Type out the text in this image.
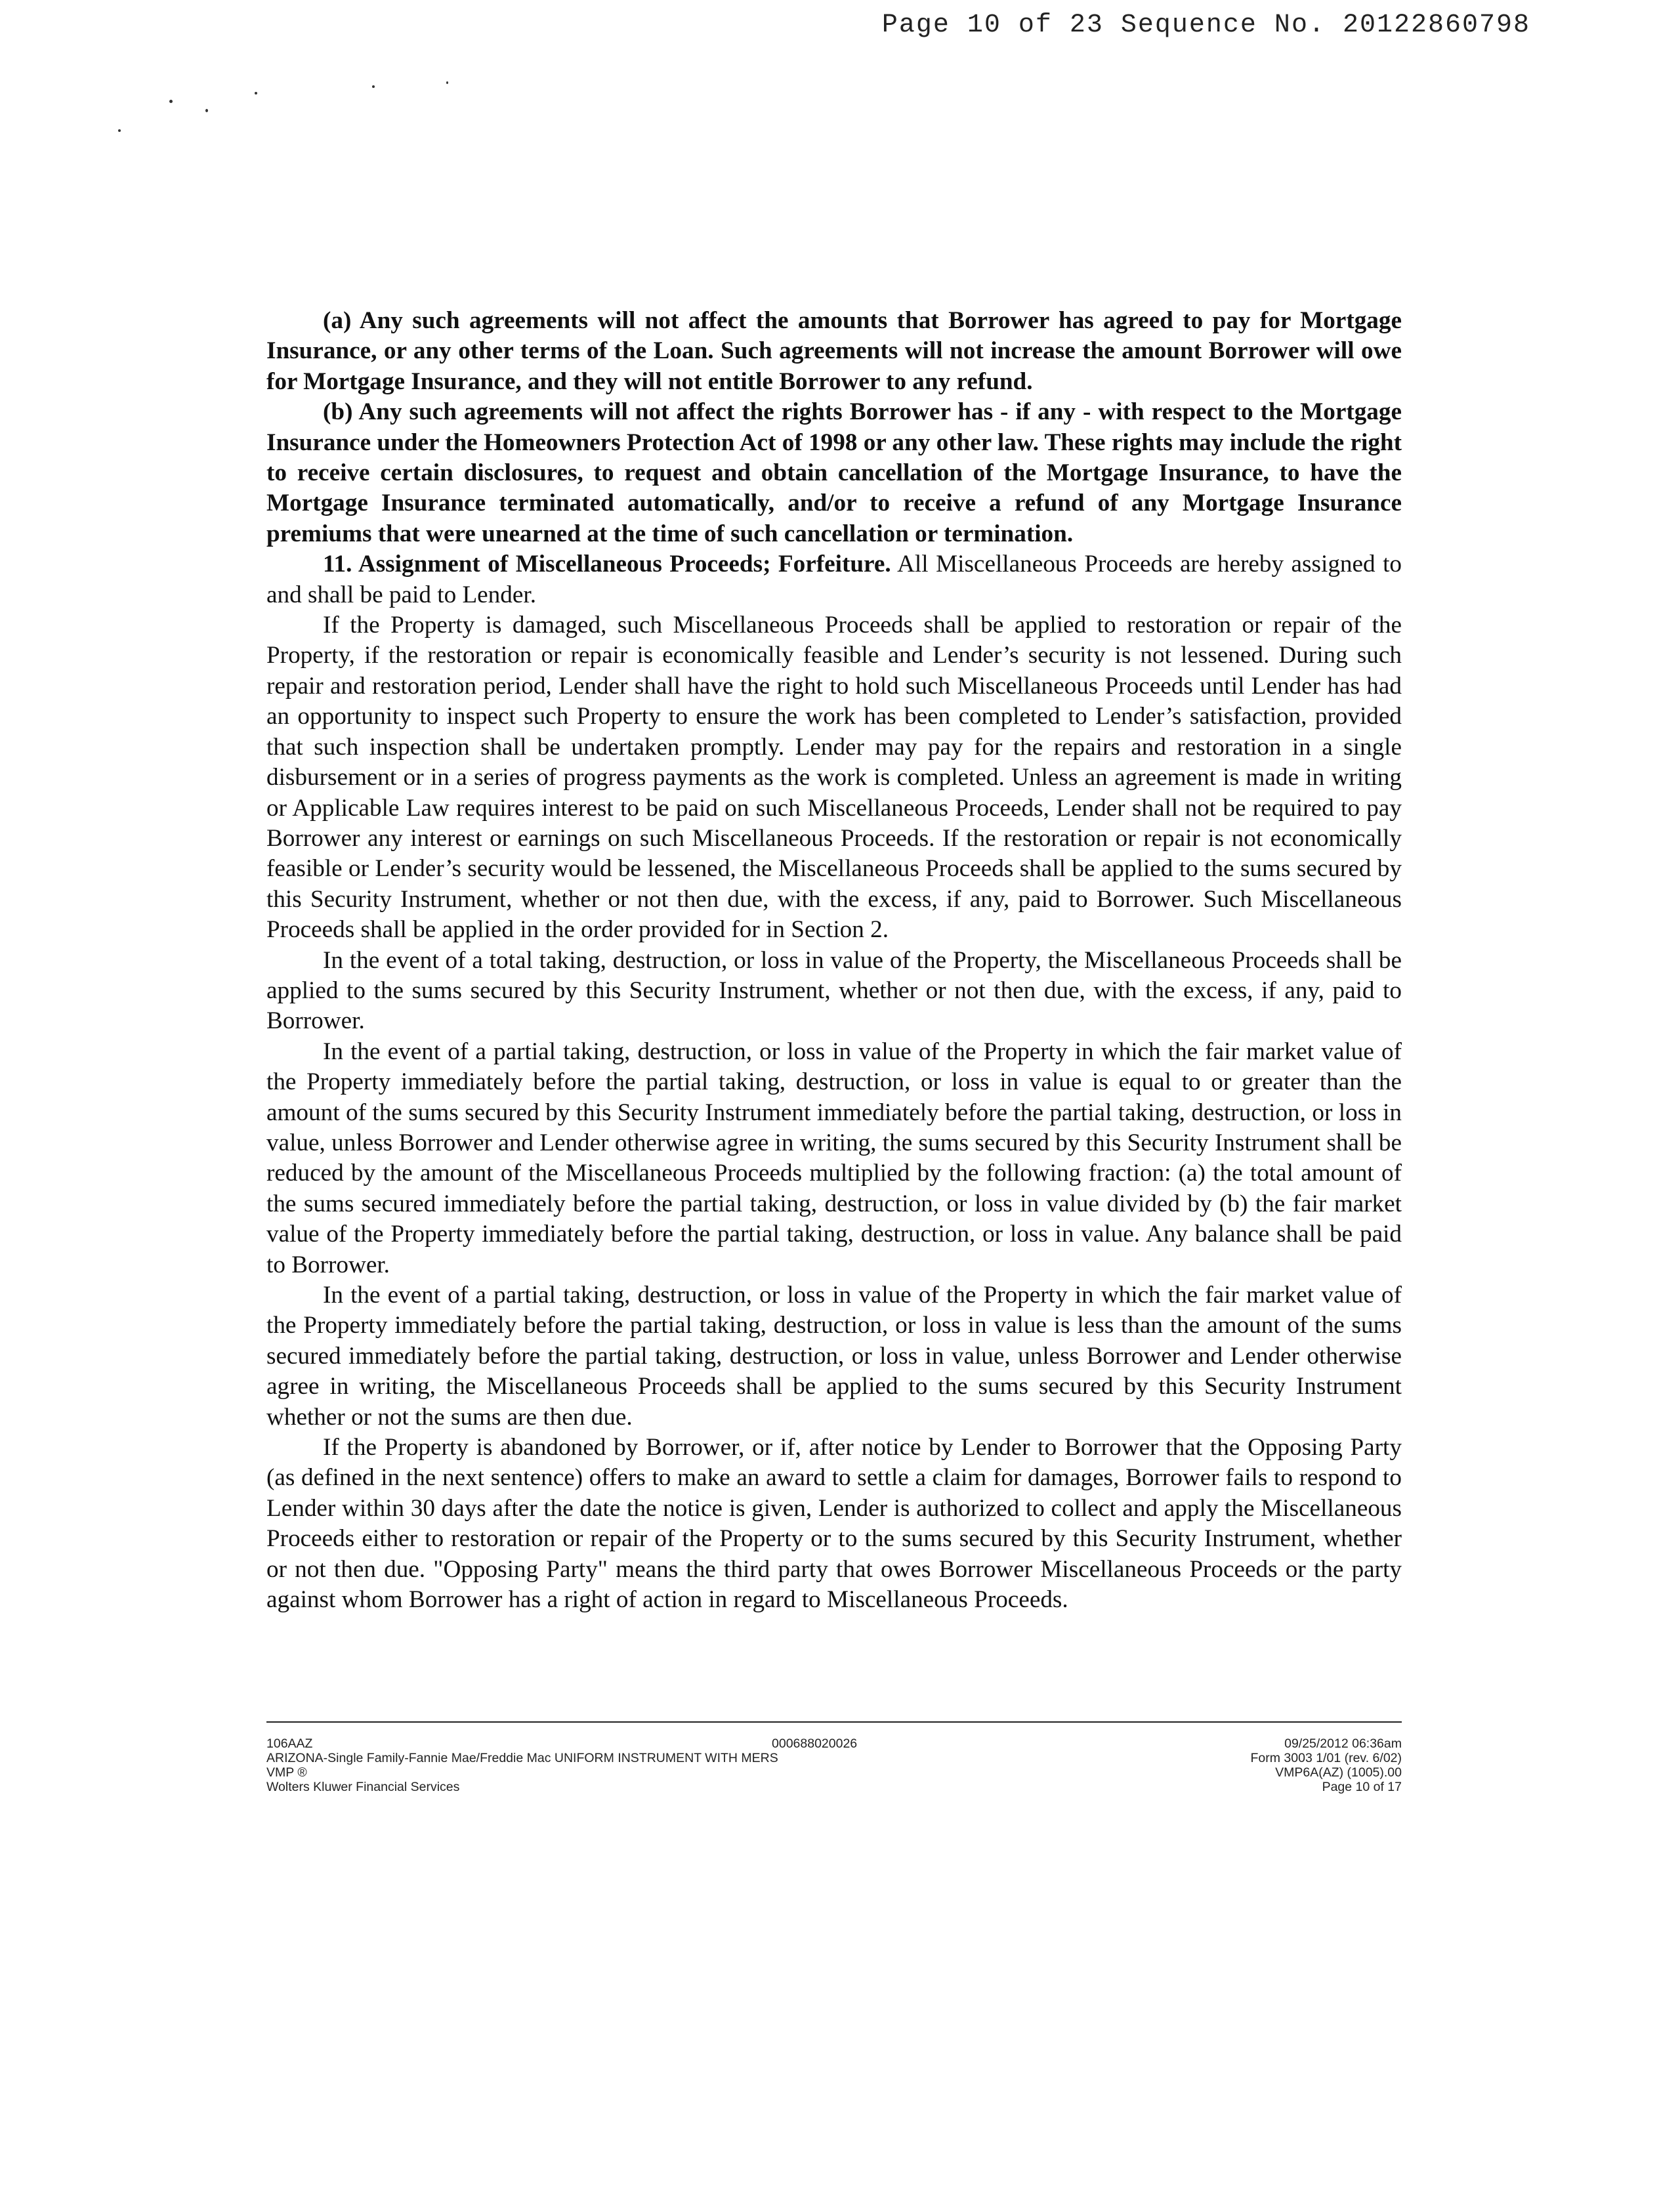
Page 10 of 23 Sequence No. 20122860798

(a) Any such agreements will not affect the amounts that Borrower has agreed to pay for Mortgage Insurance, or any other terms of the Loan. Such agreements will not increase the amount Borrower will owe for Mortgage Insurance, and they will not entitle Borrower to any refund.

(b) Any such agreements will not affect the rights Borrower has - if any - with respect to the Mortgage Insurance under the Homeowners Protection Act of 1998 or any other law. These rights may include the right to receive certain disclosures, to request and obtain cancellation of the Mortgage Insurance, to have the Mortgage Insurance terminated automatically, and/or to receive a refund of any Mortgage Insurance premiums that were unearned at the time of such cancellation or termination.

11. Assignment of Miscellaneous Proceeds; Forfeiture. All Miscellaneous Proceeds are hereby assigned to and shall be paid to Lender.

If the Property is damaged, such Miscellaneous Proceeds shall be applied to restoration or repair of the Property, if the restoration or repair is economically feasible and Lender’s security is not lessened. During such repair and restoration period, Lender shall have the right to hold such Miscellaneous Proceeds until Lender has had an opportunity to inspect such Property to ensure the work has been completed to Lender’s satisfaction, provided that such inspection shall be undertaken promptly. Lender may pay for the repairs and restoration in a single disbursement or in a series of progress payments as the work is completed. Unless an agreement is made in writing or Applicable Law requires interest to be paid on such Miscellaneous Proceeds, Lender shall not be required to pay Borrower any interest or earnings on such Miscellaneous Proceeds. If the restoration or repair is not economically feasible or Lender’s security would be lessened, the Miscellaneous Proceeds shall be applied to the sums secured by this Security Instrument, whether or not then due, with the excess, if any, paid to Borrower. Such Miscellaneous Proceeds shall be applied in the order provided for in Section 2.

In the event of a total taking, destruction, or loss in value of the Property, the Miscellaneous Proceeds shall be applied to the sums secured by this Security Instrument, whether or not then due, with the excess, if any, paid to Borrower.

In the event of a partial taking, destruction, or loss in value of the Property in which the fair market value of the Property immediately before the partial taking, destruction, or loss in value is equal to or greater than the amount of the sums secured by this Security Instrument immediately before the partial taking, destruction, or loss in value, unless Borrower and Lender otherwise agree in writing, the sums secured by this Security Instrument shall be reduced by the amount of the Miscellaneous Proceeds multiplied by the following fraction: (a) the total amount of the sums secured immediately before the partial taking, destruction, or loss in value divided by (b) the fair market value of the Property immediately before the partial taking, destruction, or loss in value. Any balance shall be paid to Borrower.

In the event of a partial taking, destruction, or loss in value of the Property in which the fair market value of the Property immediately before the partial taking, destruction, or loss in value is less than the amount of the sums secured immediately before the partial taking, destruction, or loss in value, unless Borrower and Lender otherwise agree in writing, the Miscellaneous Proceeds shall be applied to the sums secured by this Security Instrument whether or not the sums are then due.

If the Property is abandoned by Borrower, or if, after notice by Lender to Borrower that the Opposing Party (as defined in the next sentence) offers to make an award to settle a claim for damages, Borrower fails to respond to Lender within 30 days after the date the notice is given, Lender is authorized to collect and apply the Miscellaneous Proceeds either to restoration or repair of the Property or to the sums secured by this Security Instrument, whether or not then due. "Opposing Party" means the third party that owes Borrower Miscellaneous Proceeds or the party against whom Borrower has a right of action in regard to Miscellaneous Proceeds.

106AAZ	000688020026	09/25/2012 06:36am
ARIZONA-Single Family-Fannie Mae/Freddie Mac UNIFORM INSTRUMENT WITH MERS	Form 3003 1/01 (rev. 6/02)
VMP ®	VMP6A(AZ) (1005).00
Wolters Kluwer Financial Services	Page 10 of 17
